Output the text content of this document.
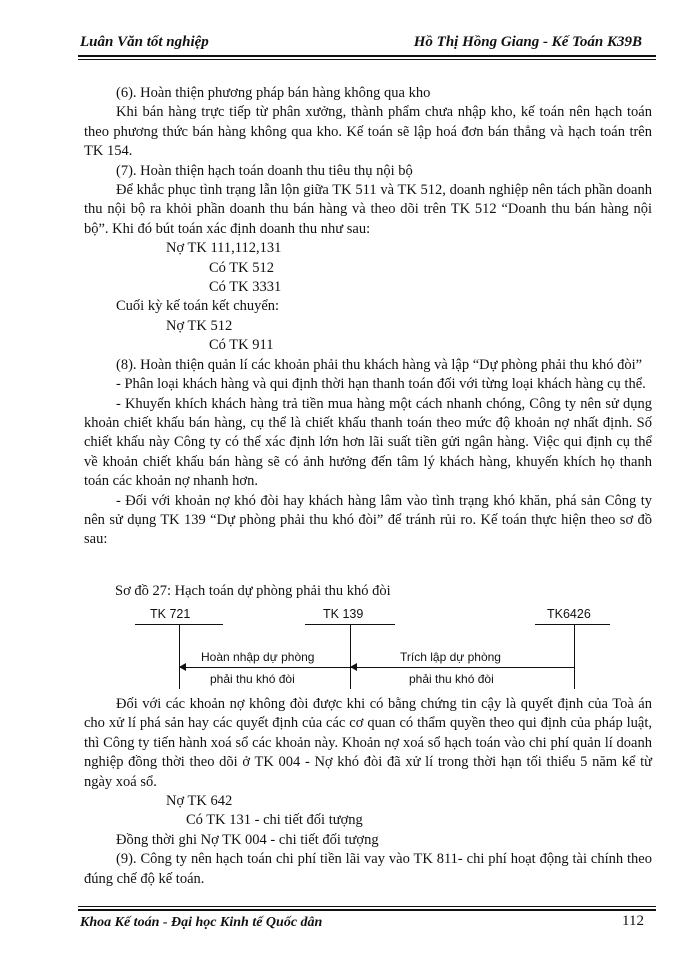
Luân Văn tốt nghiệp	Hồ Thị Hồng Giang - Kế Toán K39B

(6). Hoàn thiện phương pháp bán hàng không qua kho

Khi bán hàng trực tiếp từ phân xưởng, thành phẩm chưa nhập kho, kế toán nên hạch toán theo phương thức bán hàng không qua kho. Kế toán sẽ lập hoá đơn bán thẳng và hạch toán trên TK 154.

(7). Hoàn thiện hạch toán doanh thu tiêu thụ nội bộ

Để khắc phục tình trạng lẫn lộn giữa TK 511 và TK 512, doanh nghiệp nên tách phần doanh thu nội bộ ra khỏi phần doanh thu bán hàng và theo dõi trên TK 512 “Doanh thu bán hàng nội bộ”. Khi đó bút toán xác định doanh thu như sau:

Nợ TK 111,112,131

Có TK 512

Có TK 3331

Cuối kỳ kế toán kết chuyển:

Nợ TK 512

Có TK 911

(8). Hoàn thiện quản lí các khoản phải thu khách hàng và lập “Dự phòng phải thu khó đòi”

- Phân loại khách hàng và qui định thời hạn thanh toán đối với từng loại khách hàng cụ thể.

- Khuyến khích khách hàng trả tiền mua hàng một cách nhanh chóng, Công ty nên sử dụng khoản chiết khấu bán hàng, cụ thể là chiết khấu thanh toán theo mức độ khoản nợ nhất định. Số chiết khấu này Công ty có thể xác định lớn hơn lãi suất tiền gửi ngân hàng. Việc qui định cụ thể về khoản chiết khấu bán hàng sẽ có ảnh hưởng đến tâm lý khách hàng, khuyến khích họ thanh toán các khoản nợ nhanh hơn.

- Đối với khoản nợ khó đòi hay khách hàng lâm vào tình trạng khó khăn, phá sản Công ty nên sử dụng TK 139 “Dự phòng phải thu khó đòi” để tránh rủi ro. Kế toán thực hiện theo sơ đồ sau:

Sơ đồ 27: Hạch toán dự phòng phải thu khó đòi
TK 721	TK 139	TK6426
Hoàn nhập dự phòng
phải thu khó đòi
Trích lập dự phòng
phải thu khó đòi

Đối với các khoản nợ không đòi được khi có bằng chứng tin cậy là quyết định của Toà án cho xử lí phá sản hay các quyết định của các cơ quan có thẩm quyền theo qui định của pháp luật, thì Công ty tiến hành xoá sổ các khoản này. Khoản nợ xoá sổ hạch toán vào chi phí quản lí doanh nghiệp đồng thời theo dõi ở TK 004 - Nợ khó đòi đã xử lí trong thời hạn tối thiểu 5 năm kể từ ngày xoá sổ.

Nợ TK 642

Có TK 131 - chi tiết đối tượng

Đồng thời ghi Nợ TK 004 - chi tiết đối tượng

(9). Công ty nên hạch toán chi phí tiền lãi vay vào TK 811- chi phí hoạt động tài chính theo đúng chế độ kế toán.

Khoa Kế toán - Đại học Kinh tế Quốc dân	112
